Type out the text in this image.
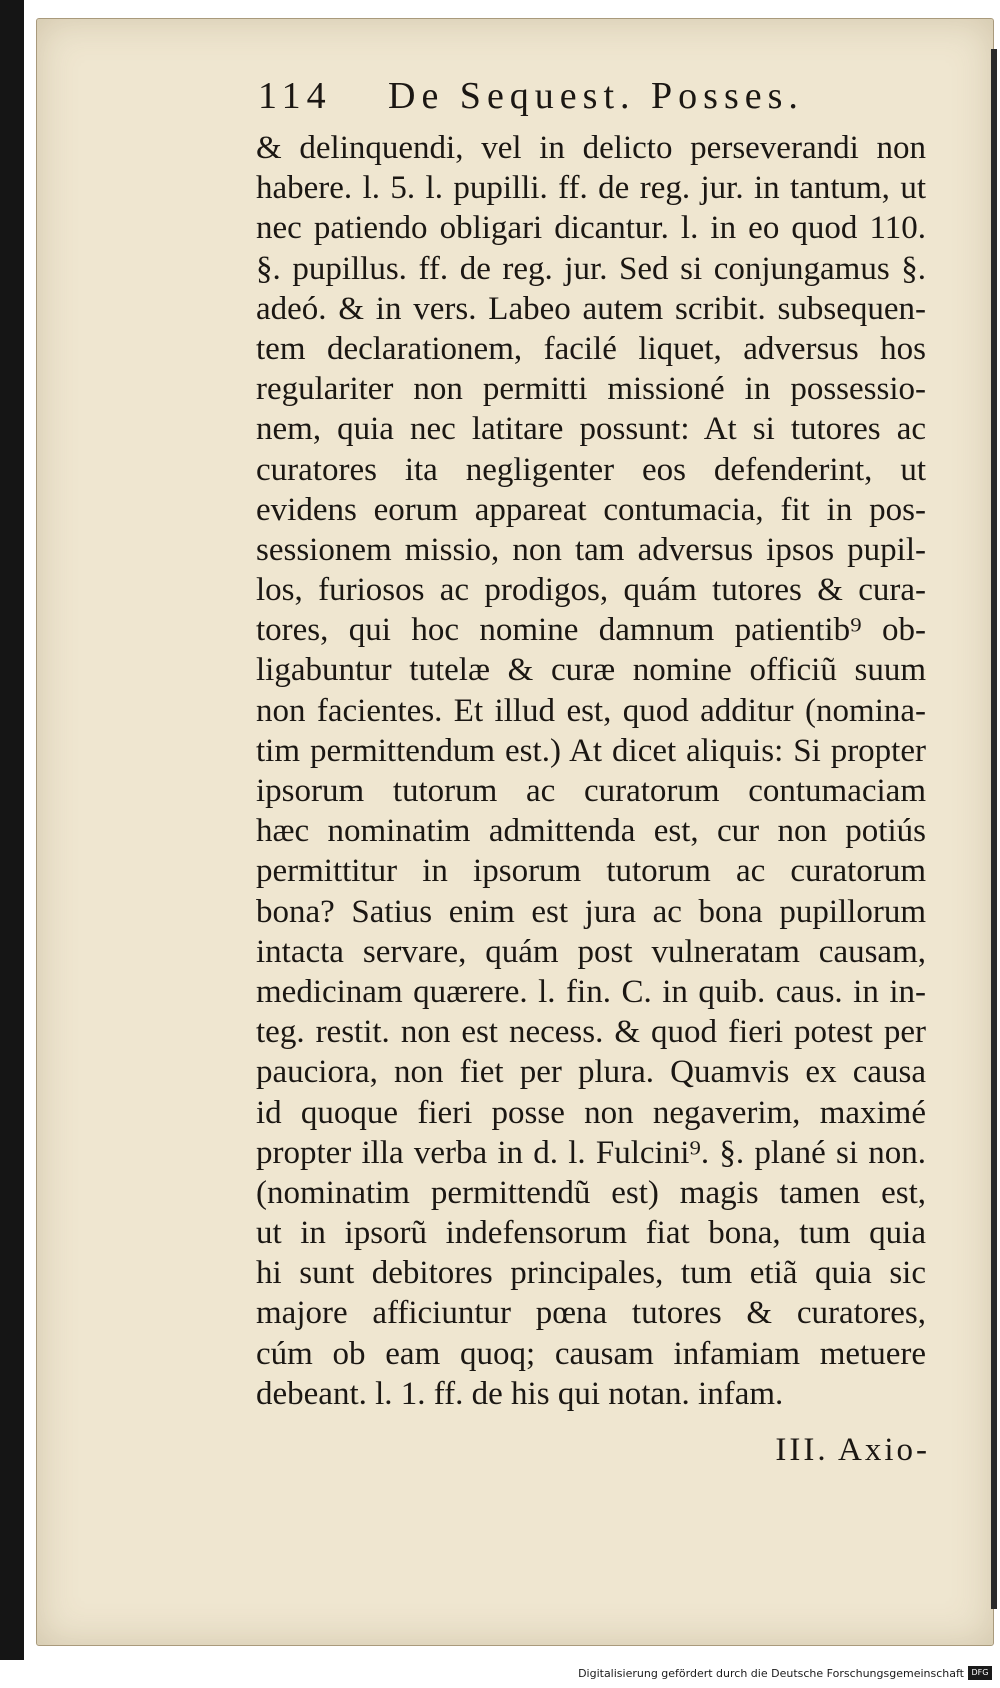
114 De Sequest. Posses.
& delinquendi, vel in delicto perseverandi non
habere. l. 5. l. pupilli. ff. de reg. jur. in tantum, ut
nec patiendo obligari dicantur. l. in eo quod 110.
§. pupillus. ff. de reg. jur. Sed si conjungamus §.
adeó. & in vers. Labeo autem scribit. subsequen-
tem declarationem, facilé liquet, adversus hos
regulariter non permitti missioné in possessio-
nem, quia nec latitare possunt: At si tutores ac
curatores ita negligenter eos defenderint, ut
evidens eorum appareat contumacia, fit in pos-
sessionem missio, non tam adversus ipsos pupil-
los, furiosos ac prodigos, quám tutores & cura-
tores, qui hoc nomine damnum patientib⁹ ob-
ligabuntur tutelæ & curæ nomine officiũ suum
non facientes. Et illud est, quod additur (nomina-
tim permittendum est.) At dicet aliquis: Si propter
ipsorum tutorum ac curatorum contumaciam
hæc nominatim admittenda est, cur non potiús
permittitur in ipsorum tutorum ac curatorum
bona? Satius enim est jura ac bona pupillorum
intacta servare, quám post vulneratam causam,
medicinam quærere. l. fin. C. in quib. caus. in in-
teg. restit. non est necess. & quod fieri potest per
pauciora, non fiet per plura. Quamvis ex causa
id quoque fieri posse non negaverim, maximé
propter illa verba in d. l. Fulcini⁹. §. plané si non.
(nominatim permittendũ est) magis tamen est,
ut in ipsorũ indefensorum fiat bona, tum quia
hi sunt debitores principales, tum etiã quia sic
majore afficiuntur pœna tutores & curatores,
cúm ob eam quoq; causam infamiam metuere
debeant. l. 1. ff. de his qui notan. infam.
III. Axio-
Digitalisierung gefördert durch die Deutsche Forschungsgemeinschaft DFG
